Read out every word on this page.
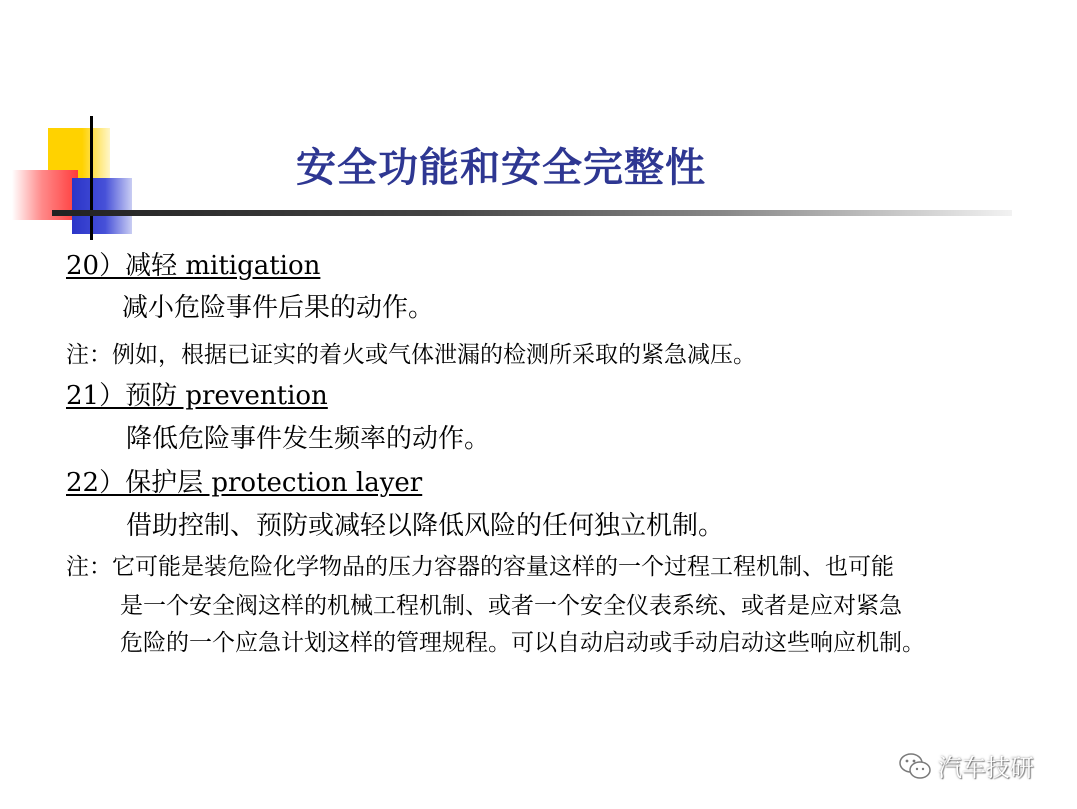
安全功能和安全完整性
20）减轻 mitigation
减小危险事件后果的动作。
注：例如，根据已证实的着火或气体泄漏的检测所采取的紧急减压。
21）预防 prevention
降低危险事件发生频率的动作。
22）保护层 protection layer
借助控制、预防或减轻以降低风险的任何独立机制。
注：它可能是装危险化学物品的压力容器的容量这样的一个过程工程机制、也可能
是一个安全阀这样的机械工程机制、或者一个安全仪表系统、或者是应对紧急
危险的一个应急计划这样的管理规程。可以自动启动或手动启动这些响应机制。
汽车技研
